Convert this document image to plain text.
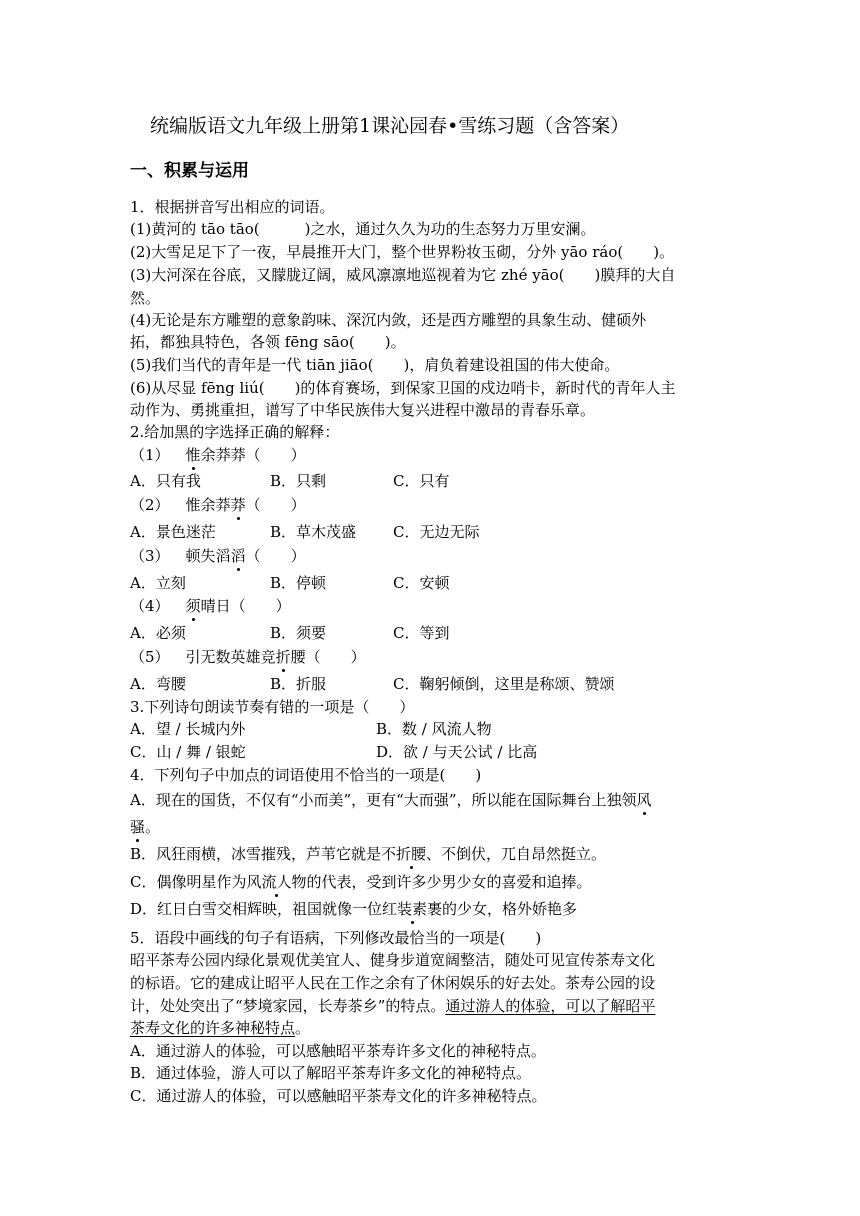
统编版语文九年级上册第1课沁园春•雪练习题（含答案）
一、积累与运用
1．根据拼音写出相应的词语。
(1)黄河的 tāo tāo(　　　)之水，通过久久为功的生态努力万里安澜。
(2)大雪足足下了一夜，早晨推开大门，整个世界粉妆玉砌，分外 yāo ráo(　　)。
(3)大河深在谷底，又朦胧辽阔，威风凛凛地巡视着为它 zhé yāo(　　)膜拜的大自
然。
(4)无论是东方雕塑的意象韵味、深沉内敛，还是西方雕塑的具象生动、健硕外
拓，都独具特色，各领 fēng sāo(　　)。
(5)我们当代的青年是一代 tiān jiāo(　　)，肩负着建设祖国的伟大使命。
(6)从尽显 fēng liú(　　)的体育赛场，到保家卫国的戍边哨卡，新时代的青年人主
动作为、勇挑重担，谱写了中华民族伟大复兴进程中激昂的青春乐章。
2.给加黑的字选择正确的解释：
（1） 惟余莽莽（　　）
A．只有我	B．只剩	C．只有
（2） 惟余莽莽（　　）
A．景色迷茫	B．草木茂盛 C．无边无际
（3） 顿失滔滔（　　）
A．立刻	B．停顿	C．安顿
（4） 须晴日（　　）
A．必须	B．须要	C．等到
（5） 引无数英雄竞折腰（　　）
A．弯腰	B．折服	C．鞠躬倾倒，这里是称颂、赞颂
3.下列诗句朗读节奏有错的一项是（　　）
A．望 / 长城内外	B．数 / 风流人物
C．山 / 舞 / 银蛇	D．欲 / 与天公试 / 比高
4．下列句子中加点的词语使用不恰当的一项是(　　)
A．现在的国货，不仅有“小而美”，更有“大而强”，所以能在国际舞台上独领风
骚。
B．风狂雨横，冰雪摧残，芦苇它就是不折腰、不倒伏，兀自昂然挺立。
C．偶像明星作为风流人物的代表，受到许多少男少女的喜爱和追捧。
D．红日白雪交相辉映，祖国就像一位红装素裹的少女，格外娇艳多
5．语段中画线的句子有语病，下列修改最恰当的一项是(　　)
昭平茶寿公园内绿化景观优美宜人、健身步道宽阔整洁，随处可见宣传茶寿文化
的标语。它的建成让昭平人民在工作之余有了休闲娱乐的好去处。茶寿公园的设
计，处处突出了“梦境家园，长寿茶乡”的特点。通过游人的体验，可以了解昭平
茶寿文化的许多神秘特点。
A．通过游人的体验，可以感触昭平茶寿许多文化的神秘特点。
B．通过体验，游人可以了解昭平茶寿许多文化的神秘特点。
C．通过游人的体验，可以感触昭平茶寿文化的许多神秘特点。
